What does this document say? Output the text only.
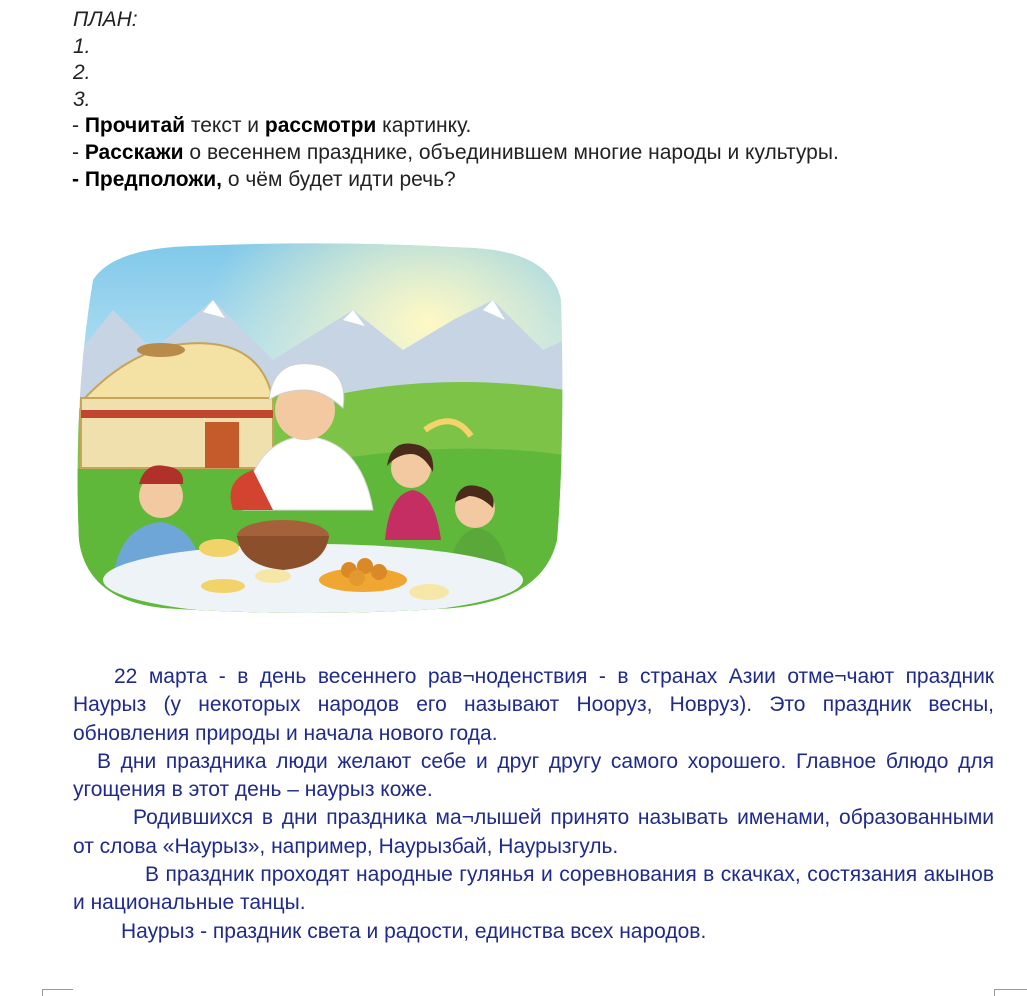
ПЛАН:
1.
2.
3.
- Прочитай текст и рассмотри картинку.
- Расскажи о весеннем празднике, объединившем многие народы и культуры.
- Предположи, о чём будет идти речь?

22 марта - в день весеннего рав¬ноденствия - в странах Азии отме¬чают праздник Наурыз (у некоторых народов его называют Нооруз, Новруз). Это праздник весны, обновления природы и начала нового года.

В дни праздника люди желают себе и друг другу самого хорошего. Главное блюдо для угощения в этот день – наурыз коже.

Родившихся в дни праздника ма¬лышей принято называть именами, образованными от слова «Наурыз», например, Наурызбай, Наурызгуль.

В праздник проходят народные гулянья и соревнования в скачках, состязания акынов и национальные танцы.

Наурыз - праздник света и радости, единства всех народов.
